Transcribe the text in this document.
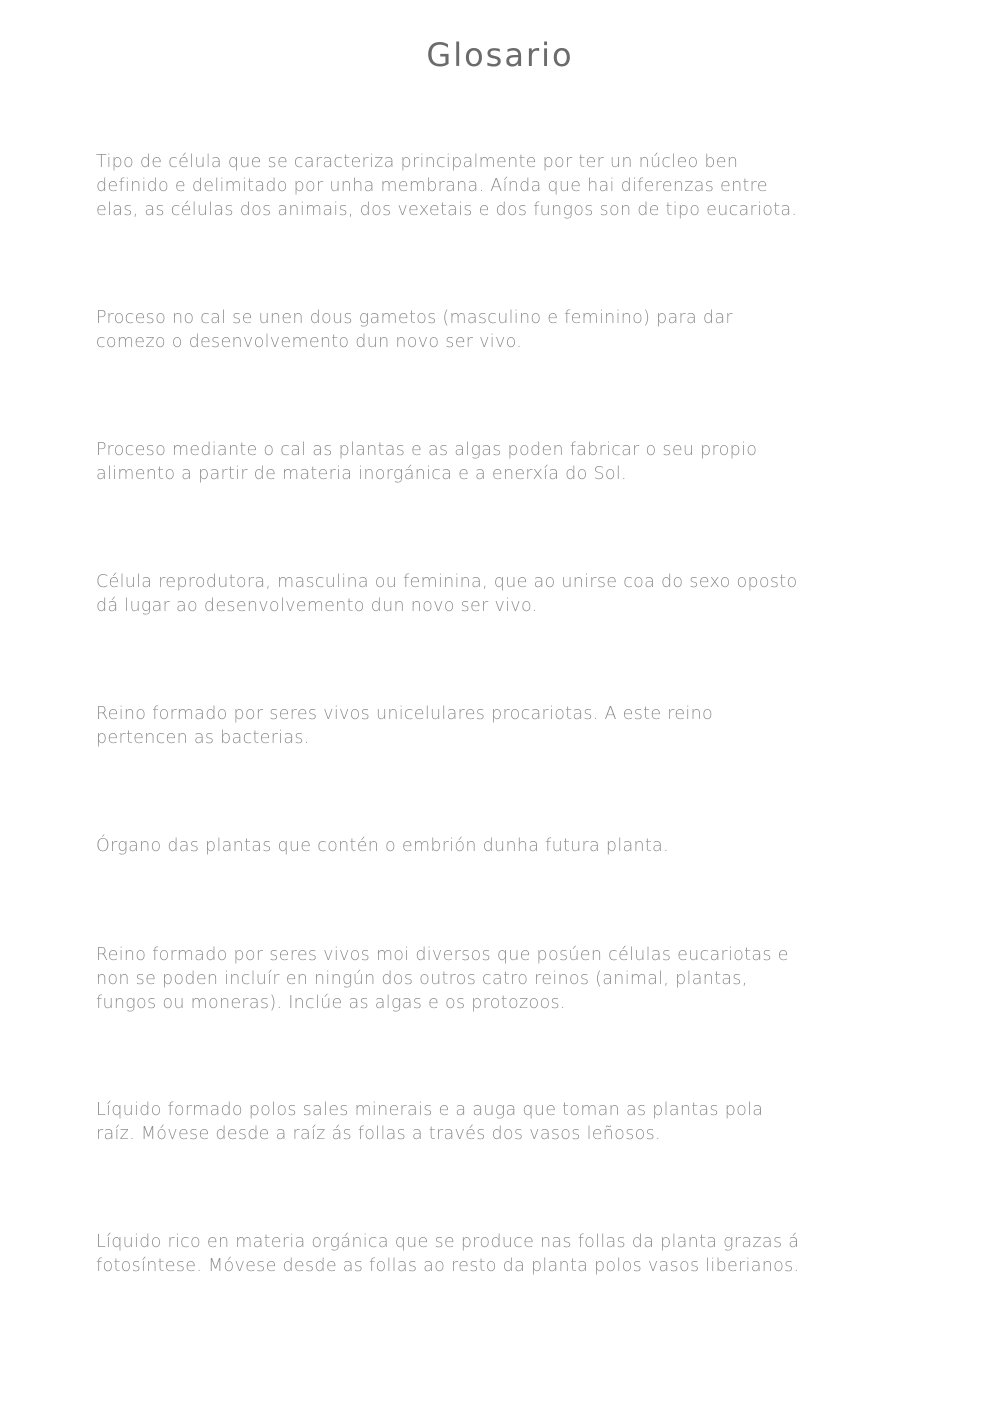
Glosario

Tipo de célula que se caracteriza principalmente por ter un núcleo ben
definido e delimitado por unha membrana. Aínda que hai diferenzas entre
elas, as células dos animais, dos vexetais e dos fungos son de tipo eucariota.

Proceso no cal se unen dous gametos (masculino e feminino) para dar
comezo o desenvolvemento dun novo ser vivo.

Proceso mediante o cal as plantas e as algas poden fabricar o seu propio
alimento a partir de materia inorgánica e a enerxía do Sol.

Célula reprodutora, masculina ou feminina, que ao unirse coa do sexo oposto
dá lugar ao desenvolvemento dun novo ser vivo.

Reino formado por seres vivos unicelulares procariotas. A este reino
pertencen as bacterias.

Órgano das plantas que contén o embrión dunha futura planta.

Reino formado por seres vivos moi diversos que posúen células eucariotas e
non se poden incluír en ningún dos outros catro reinos (animal, plantas,
fungos ou moneras). Inclúe as algas e os protozoos.

Líquido formado polos sales minerais e a auga que toman as plantas pola
raíz. Móvese desde a raíz ás follas a través dos vasos leñosos.

Líquido rico en materia orgánica que se produce nas follas da planta grazas á
fotosíntese. Móvese desde as follas ao resto da planta polos vasos liberianos.
